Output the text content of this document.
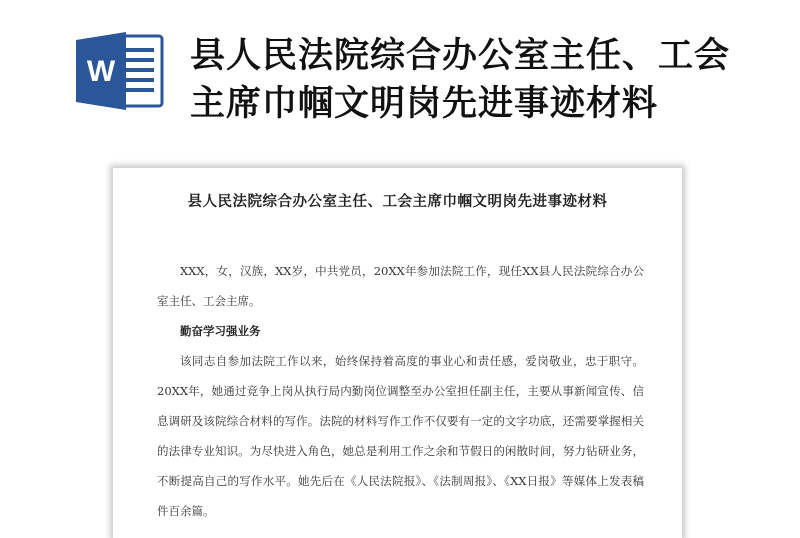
W 县人民法院综合办公室主任、工会主席巾帼文明岗先进事迹材料
县人民法院综合办公室主任、工会主席巾帼文明岗先进事迹材料

XXX，女，汉族，XX岁，中共党员，20XX年参加法院工作，现任XX县人民法院综合办公室主任、工会主席。

勤奋学习强业务

该同志自参加法院工作以来，始终保持着高度的事业心和责任感，爱岗敬业，忠于职守。20XX年，她通过竞争上岗从执行局内勤岗位调整至办公室担任副主任，主要从事新闻宣传、信息调研及该院综合材料的写作。法院的材料写作工作不仅要有一定的文字功底，还需要掌握相关的法律专业知识。为尽快进入角色，她总是利用工作之余和节假日的闲散时间，努力钻研业务，不断提高自己的写作水平。她先后在《人民法院报》、《法制周报》、《XX日报》等媒体上发表稿件百余篇。
